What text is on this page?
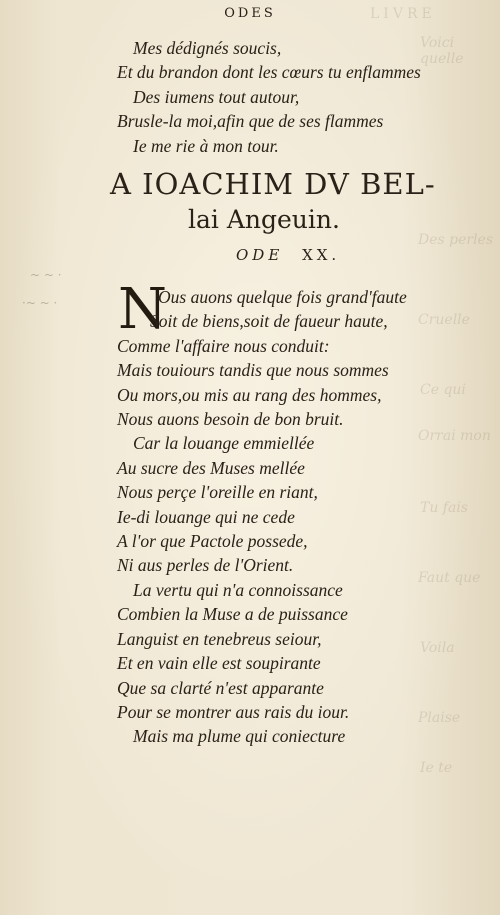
LIVRE
Voici quelle
Des perles
Cruelle
Ce qui
Orrai mon
Tu fais
Faut que
Voila
Plaise
Ie te
~ ~ ·
·~ ~ ·
ODES
Mes dédignés soucis,
Et du brandon dont les cœurs tu enflammes
Des iumens tout autour,
Brusle-la moi,afin que de ses flammes
Ie me rie à mon tour.
A IOACHIM DV BEL-
lai Angeuin.
ODE XX.
N
Ous auons quelque fois grand'faute
Soit de biens,soit de faueur haute,
Comme l'affaire nous conduit:
Mais touiours tandis que nous sommes
Ou mors,ou mis au rang des hommes,
Nous auons besoin de bon bruit.
Car la louange emmiellée
Au sucre des Muses mellée
Nous perçe l'oreille en riant,
Ie-di louange qui ne cede
A l'or que Pactole possede,
Ni aus perles de l'Orient.
La vertu qui n'a connoissance
Combien la Muse a de puissance
Languist en tenebreus seiour,
Et en vain elle est soupirante
Que sa clarté n'est apparante
Pour se montrer aus rais du iour.
Mais ma plume qui coniecture
